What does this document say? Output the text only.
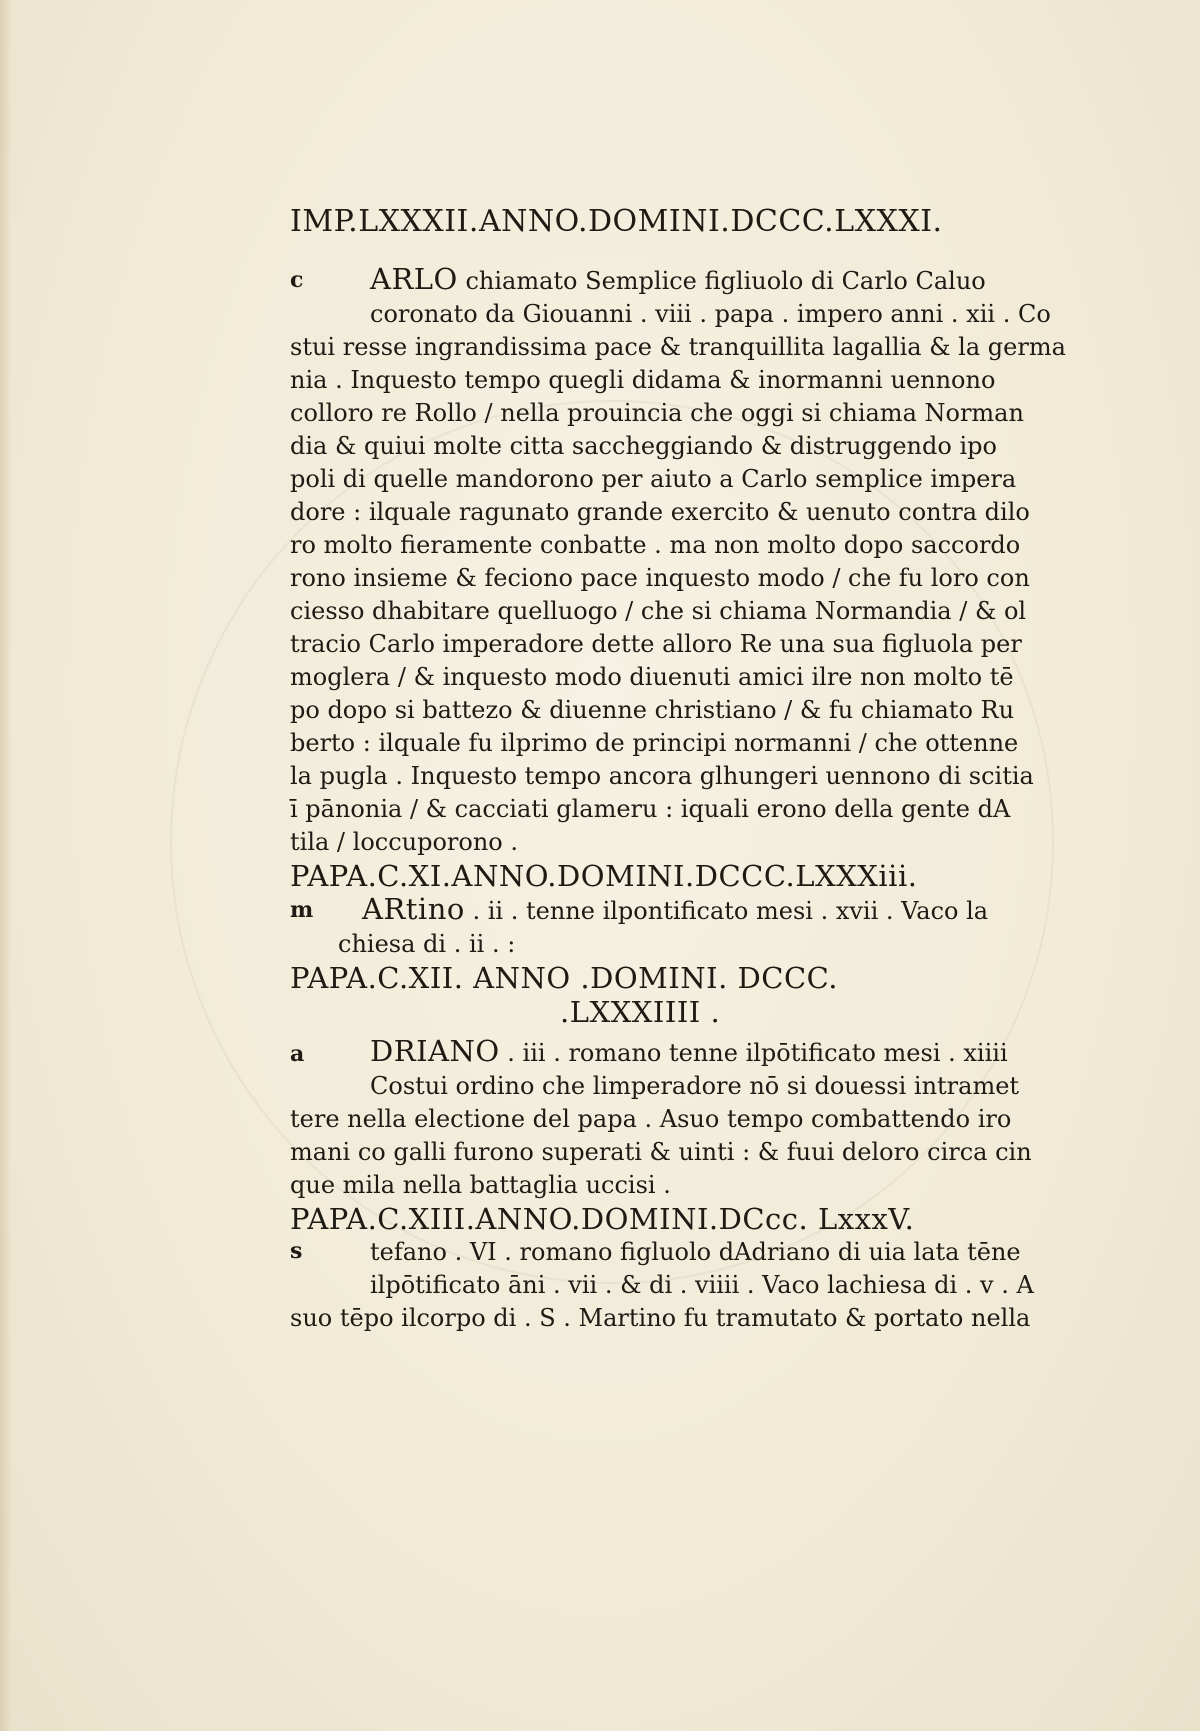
IMP.LXXXII.ANNO.DOMINI.DCCC.LXXXI.

c	ARLO chiamato Semplice figliuolo di Carlo Caluo

coronato da Giouanni . viii . papa . impero anni . xii . Co

stui resse ingrandissima pace & tranquillita lagallia & la germa

nia . Inquesto tempo quegli didama & inormanni uennono

colloro re Rollo / nella prouincia che oggi si chiama Norman

dia & quiui molte citta saccheggiando & distruggendo ipo

poli di quelle mandorono per aiuto a Carlo semplice impera

dore : ilquale ragunato grande exercito & uenuto contra dilo

ro molto fieramente conbatte . ma non molto dopo saccordo

rono insieme & feciono pace inquesto modo / che fu loro con

ciesso dhabitare quelluogo / che si chiama Normandia / & ol

tracio Carlo imperadore dette alloro Re una sua figluola per

moglera / & inquesto modo diuenuti amici ilre non molto tē

po dopo si battezo & diuenne christiano / & fu chiamato Ru

berto : ilquale fu ilprimo de principi normanni / che ottenne

la pugla . Inquesto tempo ancora glhungeri uennono di scitia

ī pānonia / & cacciati glameru : iquali erono della gente dA

tila / loccuporono .

PAPA.C.XI.ANNO.DOMINI.DCCC.LXXXiii.

m	ARtino . ii . tenne ilpontificato mesi . xvii . Vaco la

chiesa di . ii . :

PAPA.C.XII. ANNO .DOMINI. DCCC.

.LXXXIIII .

a	DRIANO . iii . romano tenne ilpōtificato mesi . xiiii

Costui ordino che limperadore nō si douessi intramet

tere nella electione del papa . Asuo tempo combattendo iro

mani co galli furono superati & uinti : & fuui deloro circa cin

que mila nella battaglia uccisi .

PAPA.C.XIII.ANNO.DOMINI.DCcc. LxxxV.

s	tefano . VI . romano figluolo dAdriano di uia lata tēne

ilpōtificato āni . vii . & di . viiii . Vaco lachiesa di . v . A

suo tēpo ilcorpo di . S . Martino fu tramutato & portato nella
